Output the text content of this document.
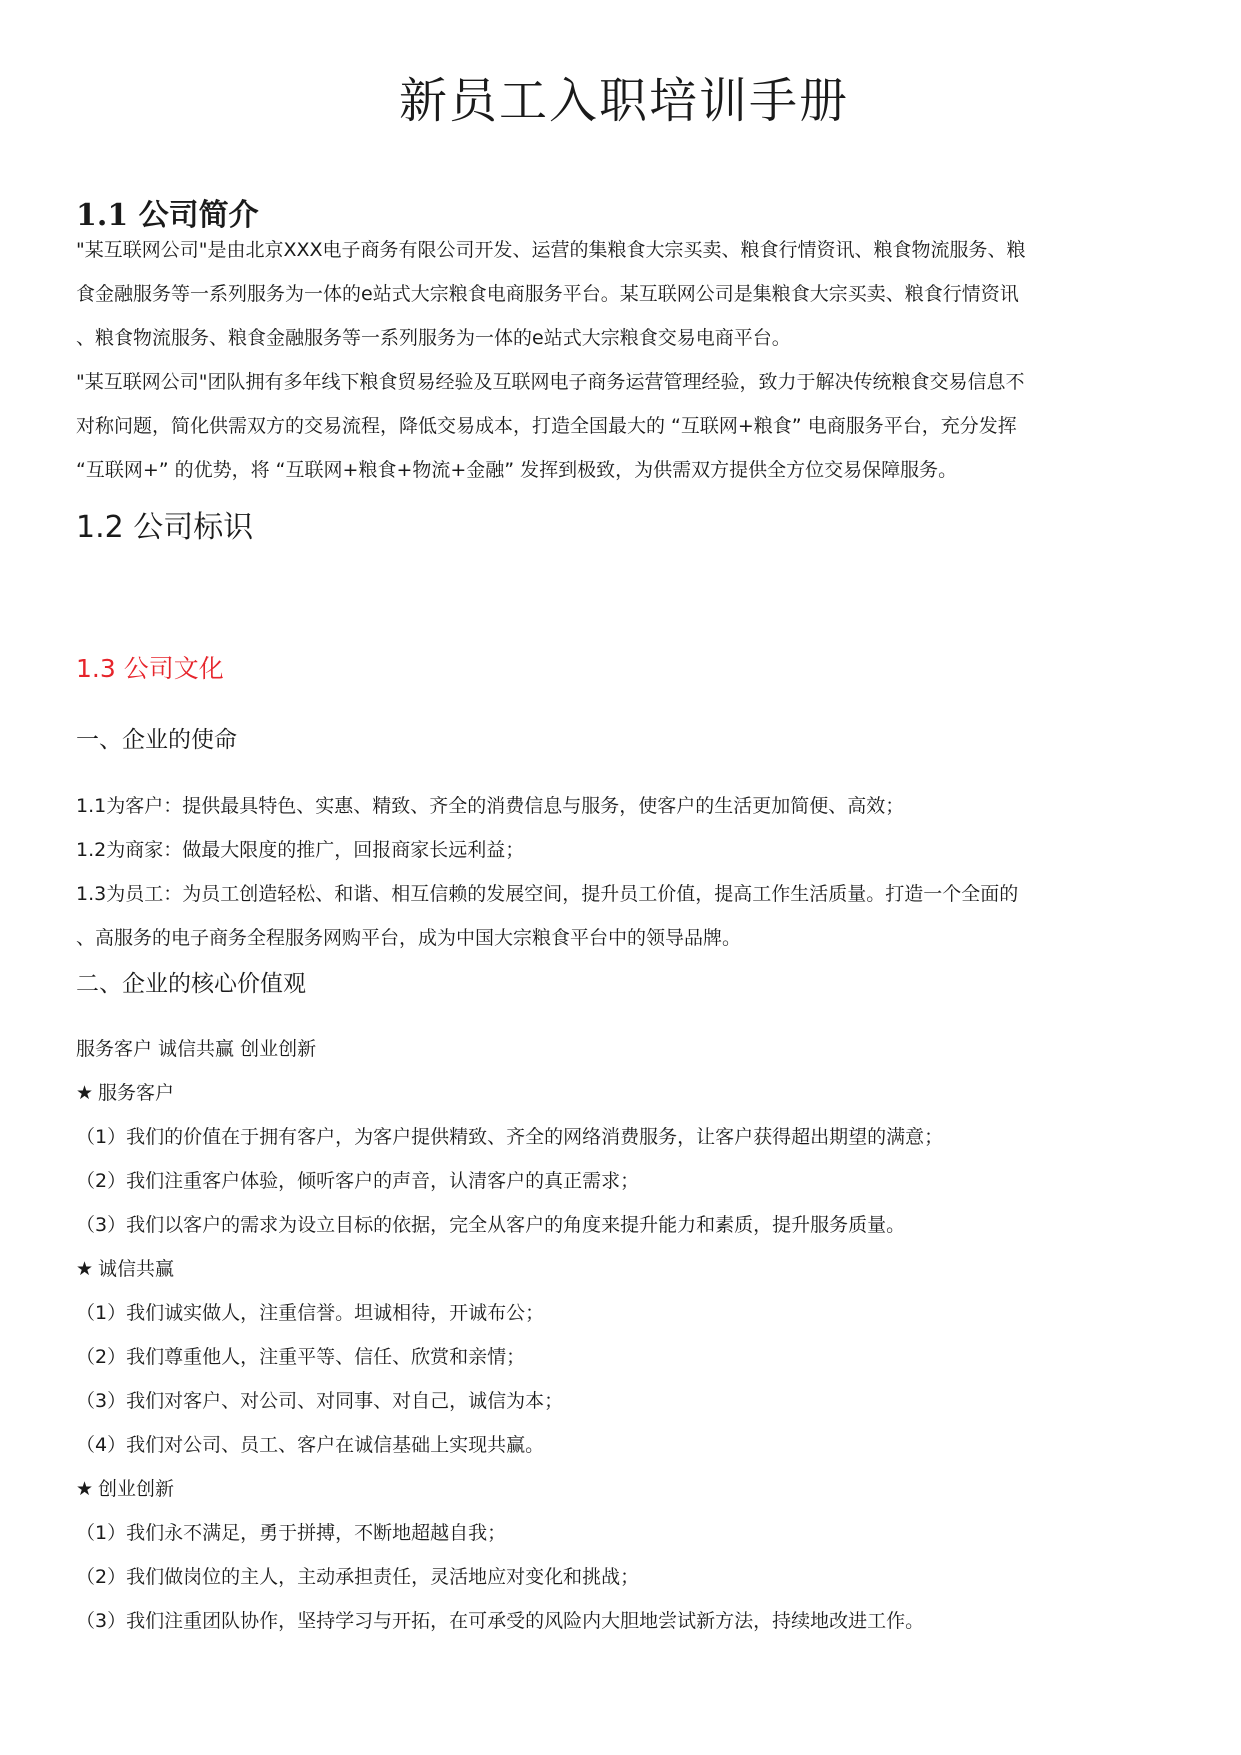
新员工入职培训手册
1.1 公司简介

"某互联网公司"是由北京XXX电子商务有限公司开发、运营的集粮食大宗买卖、粮食行情资讯、粮食物流服务、粮
食金融服务等一系列服务为一体的e站式大宗粮食电商服务平台。某互联网公司是集粮食大宗买卖、粮食行情资讯
、粮食物流服务、粮食金融服务等一系列服务为一体的e站式大宗粮食交易电商平台。

"某互联网公司"团队拥有多年线下粮食贸易经验及互联网电子商务运营管理经验，致力于解决传统粮食交易信息不
对称问题，简化供需双方的交易流程，降低交易成本，打造全国最大的 “互联网+粮食” 电商服务平台，充分发挥
“互联网+” 的优势，将 “互联网+粮食+物流+金融” 发挥到极致，为供需双方提供全方位交易保障服务。

1.2 公司标识
1.3 公司文化
一、企业的使命

1.1为客户：提供最具特色、实惠、精致、齐全的消费信息与服务，使客户的生活更加简便、高效；

1.2为商家：做最大限度的推广，回报商家长远利益；

1.3为员工：为员工创造轻松、和谐、相互信赖的发展空间，提升员工价值，提高工作生活质量。打造一个全面的

、高服务的电子商务全程服务网购平台，成为中国大宗粮食平台中的领导品牌。

二、企业的核心价值观

服务客户 诚信共赢 创业创新

★ 服务客户
（1）我们的价值在于拥有客户，为客户提供精致、齐全的网络消费服务，让客户获得超出期望的满意；
（2）我们注重客户体验，倾听客户的声音，认清客户的真正需求；
（3）我们以客户的需求为设立目标的依据，完全从客户的角度来提升能力和素质，提升服务质量。
★ 诚信共赢
（1）我们诚实做人，注重信誉。坦诚相待，开诚布公；
（2）我们尊重他人，注重平等、信任、欣赏和亲情；
（3）我们对客户、对公司、对同事、对自己，诚信为本；
（4）我们对公司、员工、客户在诚信基础上实现共赢。
★ 创业创新
（1）我们永不满足，勇于拼搏，不断地超越自我；
（2）我们做岗位的主人，主动承担责任，灵活地应对变化和挑战；
（3）我们注重团队协作，坚持学习与开拓，在可承受的风险内大胆地尝试新方法，持续地改进工作。
